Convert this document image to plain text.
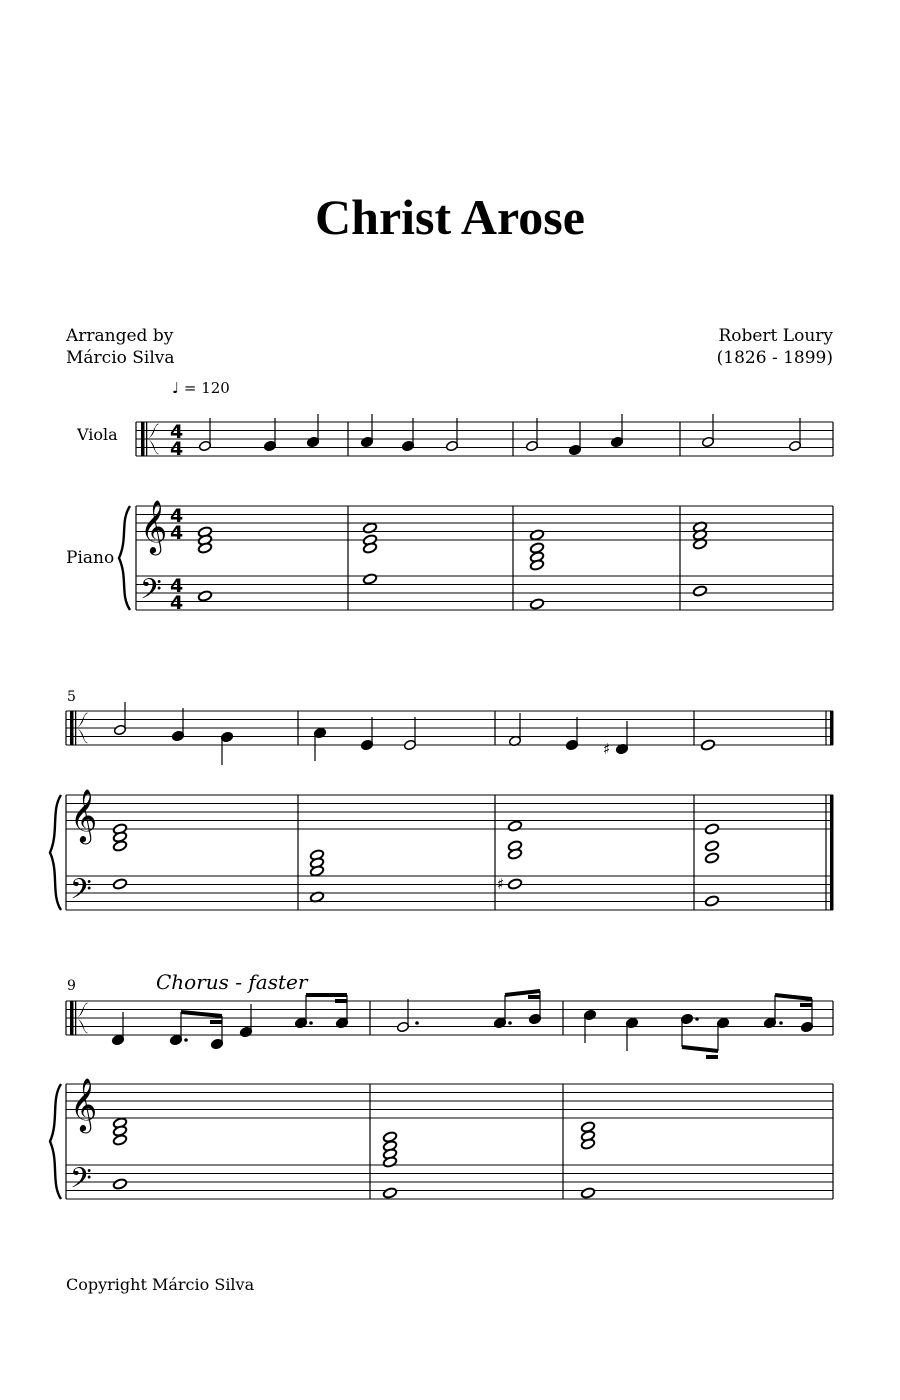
Christ Arose
Arranged by
Márcio Silva
Robert Loury
(1826 - 1899)
♩ = 120
Viola
Piano
5
9	Chorus - faster
Copyright Márcio Silva
𝄞
𝄢
𝄞
𝄢
𝄞
𝄢
4
4
4
4
4
4
♯
♯
